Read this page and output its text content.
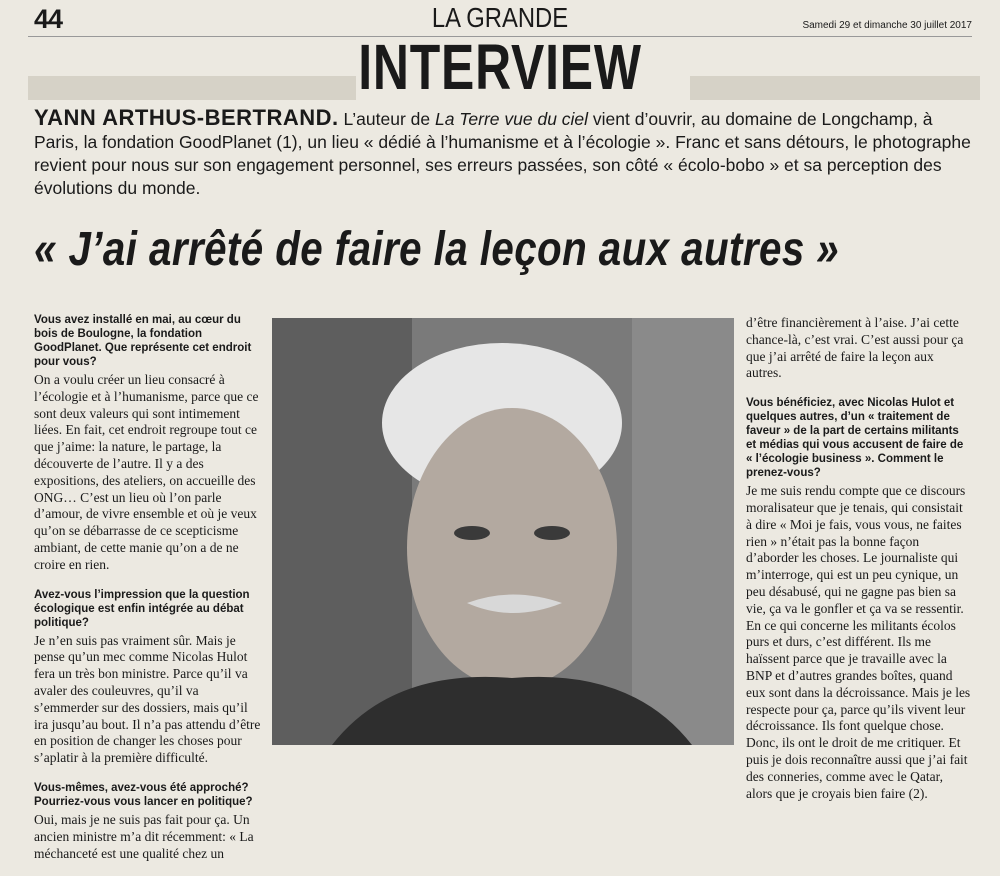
44	LA GRANDE	Samedi 29 et dimanche 30 juillet 2017
INTERVIEW
YANN ARTHUS-BERTRAND. L’auteur de La Terre vue du ciel vient d’ouvrir, au domaine de Longchamp, à Paris, la fondation GoodPlanet (1), un lieu « dédié à l’humanisme et à l’écologie ». Franc et sans détours, le photographe revient pour nous sur son engagement personnel, ses erreurs passées, son côté « écolo-bobo » et sa perception des évolutions du monde.
« J’ai arrêté de faire la leçon aux autres »

Vous avez installé en mai, au cœur du bois de Boulogne, la fondation GoodPlanet. Que représente cet endroit pour vous?

On a voulu créer un lieu consacré à l’écologie et à l’humanisme, parce que ce sont deux valeurs qui sont intimement liées. En fait, cet endroit regroupe tout ce que j’aime: la nature, le partage, la découverte de l’autre. Il y a des expositions, des ateliers, on accueille des ONG… C’est un lieu où l’on parle d’amour, de vivre ensemble et où je veux qu’on se débarrasse de ce scepticisme ambiant, de cette manie qu’on a de ne croire en rien.

Avez-vous l’impression que la question écologique est enfin intégrée au débat politique?

Je n’en suis pas vraiment sûr. Mais je pense qu’un mec comme Nicolas Hulot fera un très bon ministre. Parce qu’il va avaler des couleuvres, qu’il va s’emmerder sur des dossiers, mais qu’il ira jusqu’au bout. Il n’a pas attendu d’être en position de changer les choses pour s’aplatir à la première difficulté.

Vous-mêmes, avez-vous été approché? Pourriez-vous vous lancer en politique?

Oui, mais je ne suis pas fait pour ça. Un ancien ministre m’a dit récemment: « La méchanceté est une qualité chez un

d’être financièrement à l’aise. J’ai cette chance-là, c’est vrai. C’est aussi pour ça que j’ai arrêté de faire la leçon aux autres.

Vous bénéficiez, avec Nicolas Hulot et quelques autres, d’un « traitement de faveur » de la part de certains militants et médias qui vous accusent de faire de « l’écologie business ». Comment le prenez-vous?

Je me suis rendu compte que ce discours moralisateur que je tenais, qui consistait à dire « Moi je fais, vous vous, ne faites rien » n’était pas la bonne façon d’aborder les choses. Le journaliste qui m’interroge, qui est un peu cynique, un peu désabusé, qui ne gagne pas bien sa vie, ça va le gonfler et ça va se ressentir. En ce qui concerne les militants écolos purs et durs, c’est différent. Ils me haïssent parce que je travaille avec la BNP et d’autres grandes boîtes, quand eux sont dans la décroissance. Mais je les respecte pour ça, parce qu’ils vivent leur décroissance. Ils font quelque chose. Donc, ils ont le droit de me critiquer. Et puis je dois reconnaître aussi que j’ai fait des conneries, comme avec le Qatar, alors que je croyais bien faire (2).
